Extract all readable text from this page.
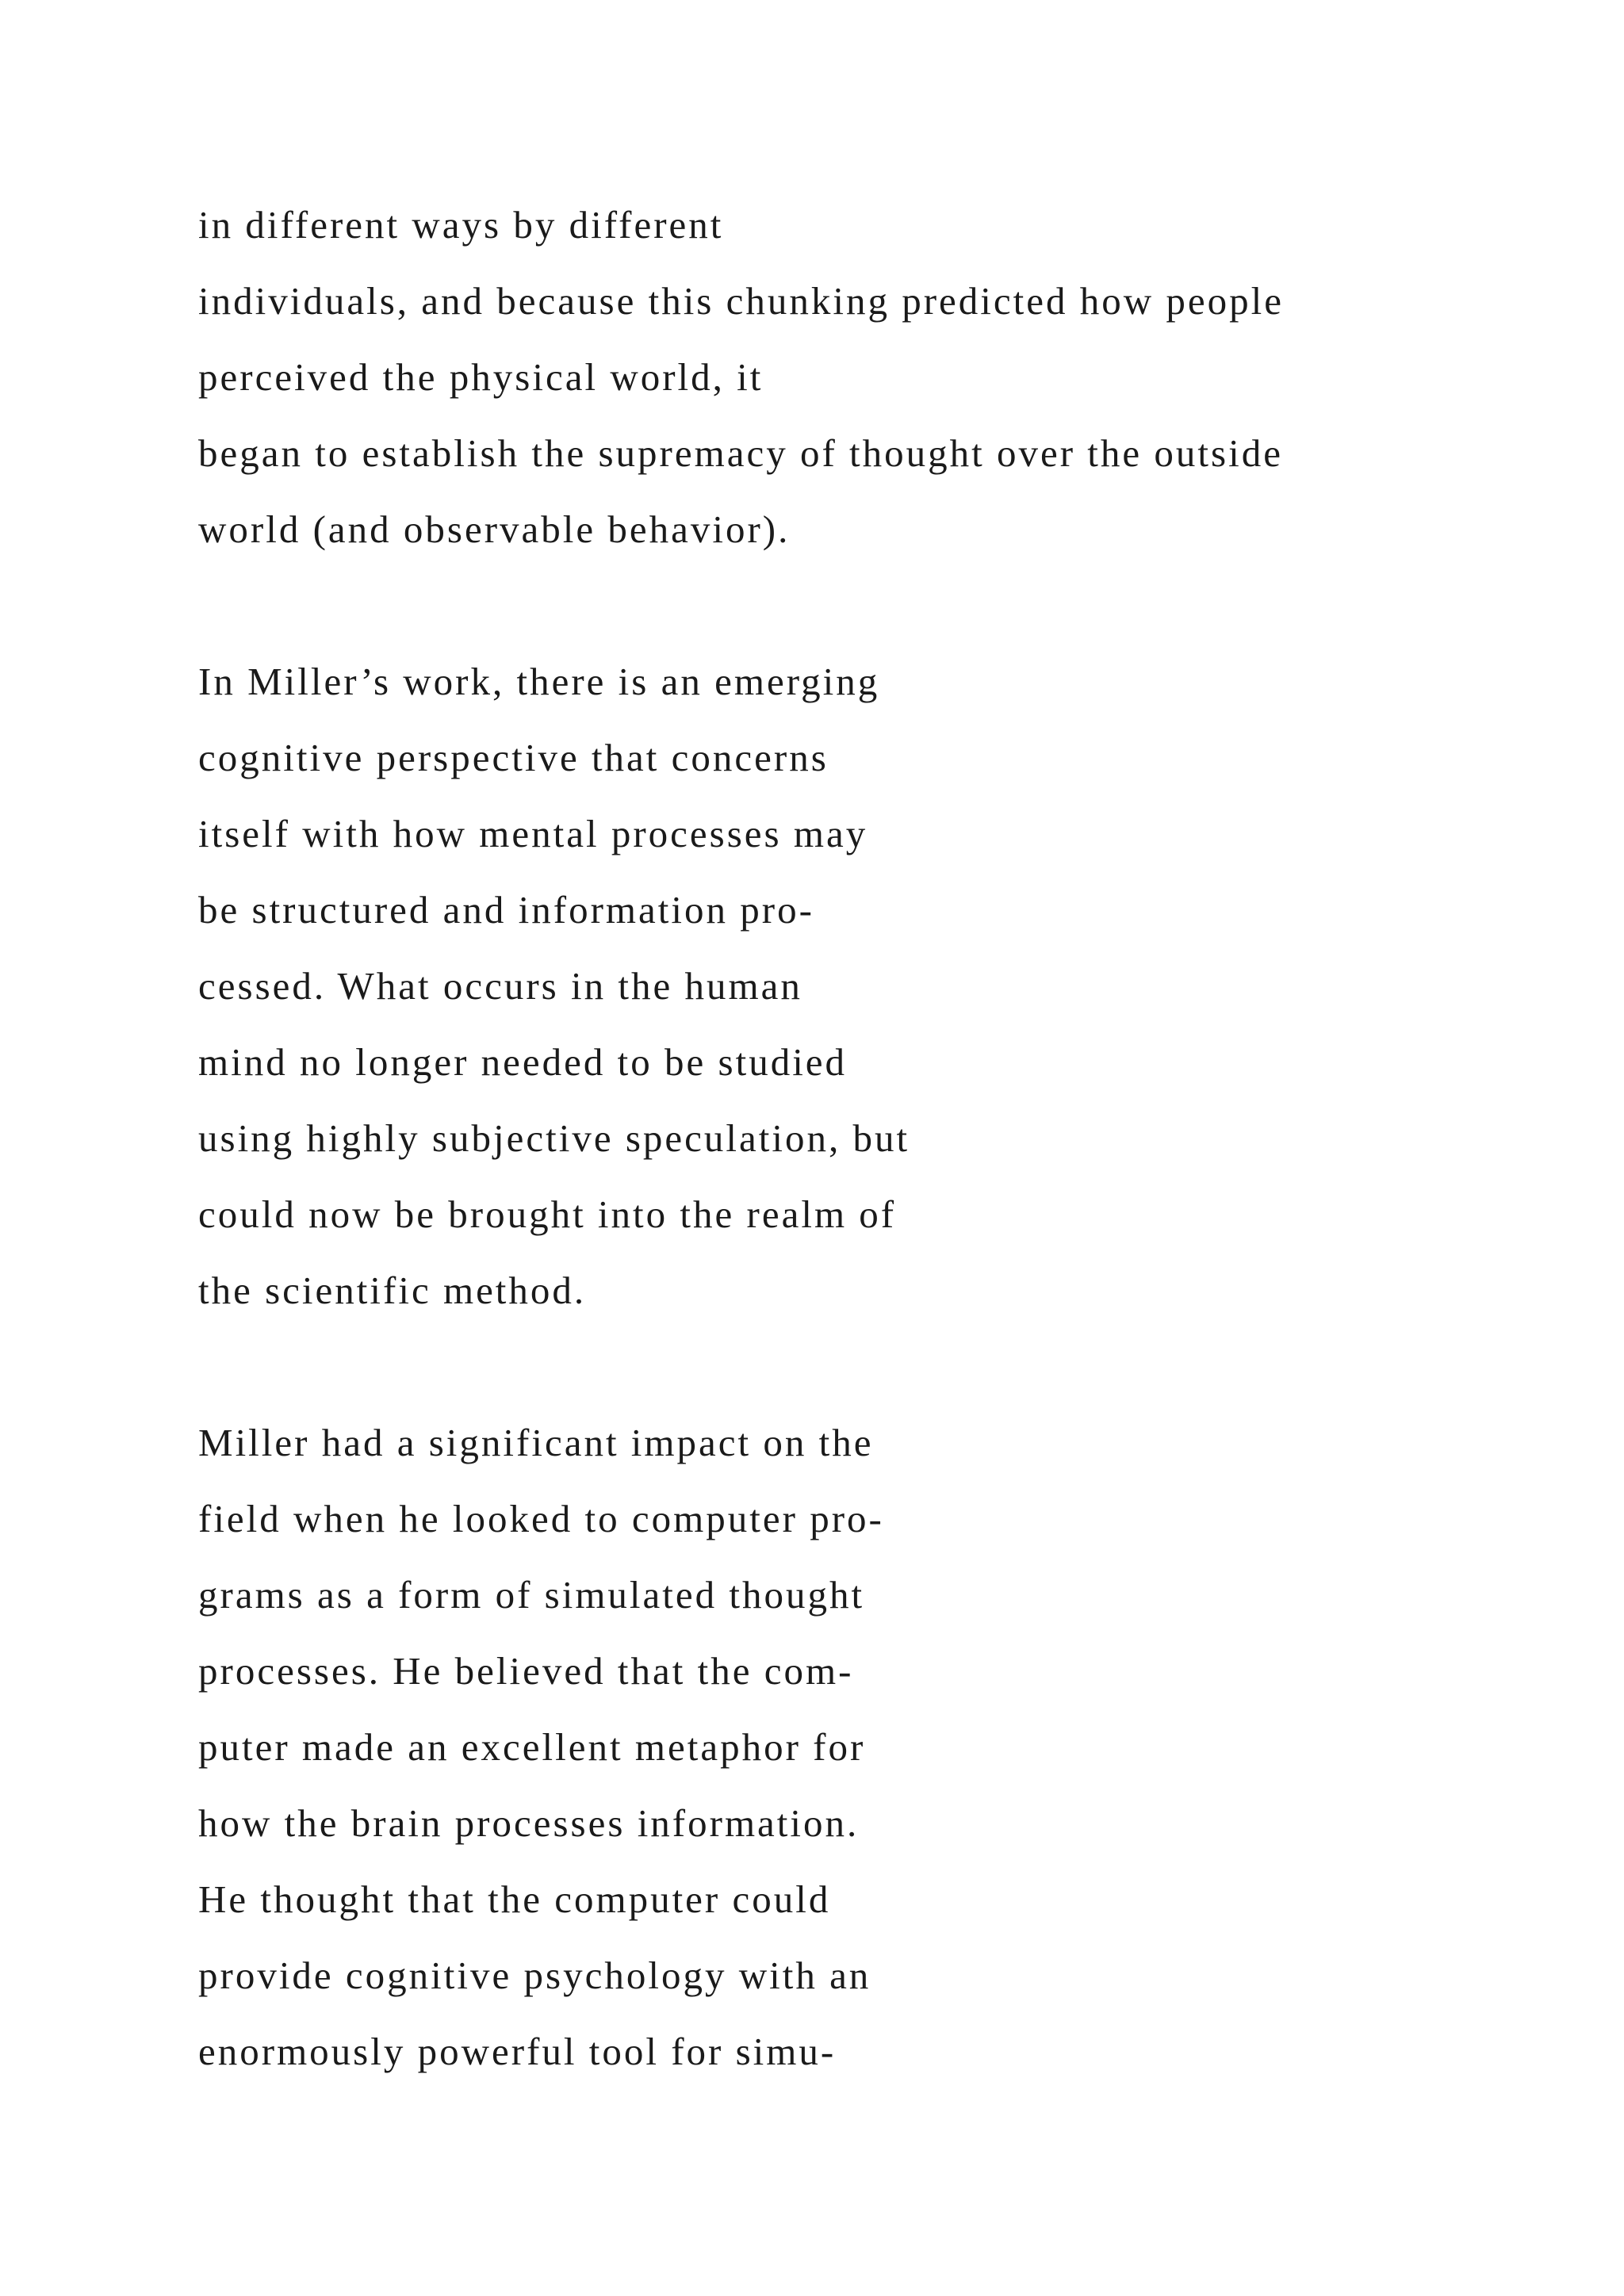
in different ways by different
individuals, and because this chunking predicted how people
perceived the physical world, it
began to establish the supremacy of thought over the outside
world (and observable behavior).

In Miller’s work, there is an emerging
cognitive perspective that concerns
itself with how mental processes may
be structured and information pro-
cessed. What occurs in the human
mind no longer needed to be studied
using highly subjective speculation, but
could now be brought into the realm of
the scientific method.

Miller had a significant impact on the
field when he looked to computer pro-
grams as a form of simulated thought
processes. He believed that the com-
puter made an excellent metaphor for
how the brain processes information.
He thought that the computer could
provide cognitive psychology with an
enormously powerful tool for simu-
